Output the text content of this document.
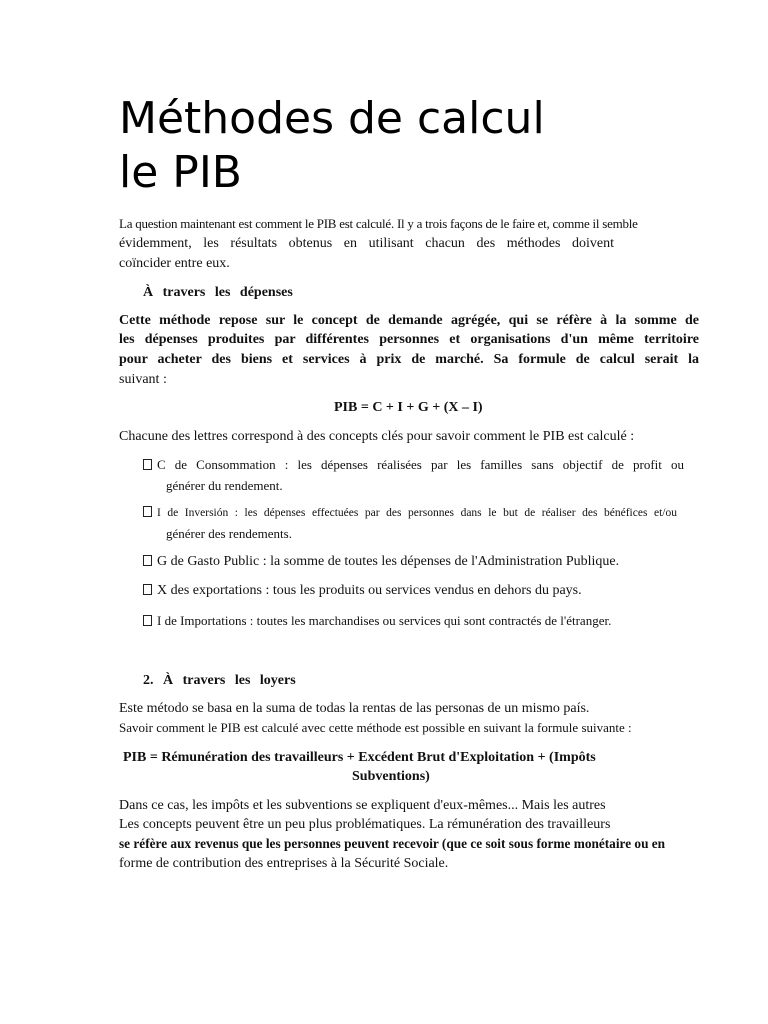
Méthodes de calcul
le PIB

La question maintenant est comment le PIB est calculé. Il y a trois façons de le faire et, comme il semble

évidemment, les résultats obtenus en utilisant chacun des méthodes doivent

coïncider entre eux.

À travers les dépenses

Cette méthode repose sur le concept de demande agrégée, qui se réfère à la somme de

les dépenses produites par différentes personnes et organisations d'un même territoire

pour acheter des biens et services à prix de marché. Sa formule de calcul serait la

suivant :

PIB = C + I + G + (X – I)

Chacune des lettres correspond à des concepts clés pour savoir comment le PIB est calculé :

C de Consommation : les dépenses réalisées par les familles sans objectif de profit ou

générer du rendement.

I de Inversión : les dépenses effectuées par des personnes dans le but de réaliser des bénéfices et/ou

générer des rendements.

G de Gasto Public : la somme de toutes les dépenses de l'Administration Publique.

X des exportations : tous les produits ou services vendus en dehors du pays.

I de Importations : toutes les marchandises ou services qui sont contractés de l'étranger.

2. À travers les loyers

Este método se basa en la suma de todas la rentas de las personas de un mismo país.

Savoir comment le PIB est calculé avec cette méthode est possible en suivant la formule suivante :

PIB = Rémunération des travailleurs + Excédent Brut d'Exploitation + (Impôts

Subventions)

Dans ce cas, les impôts et les subventions se expliquent d'eux-mêmes... Mais les autres

Les concepts peuvent être un peu plus problématiques. La rémunération des travailleurs

se réfère aux revenus que les personnes peuvent recevoir (que ce soit sous forme monétaire ou en

forme de contribution des entreprises à la Sécurité Sociale.
